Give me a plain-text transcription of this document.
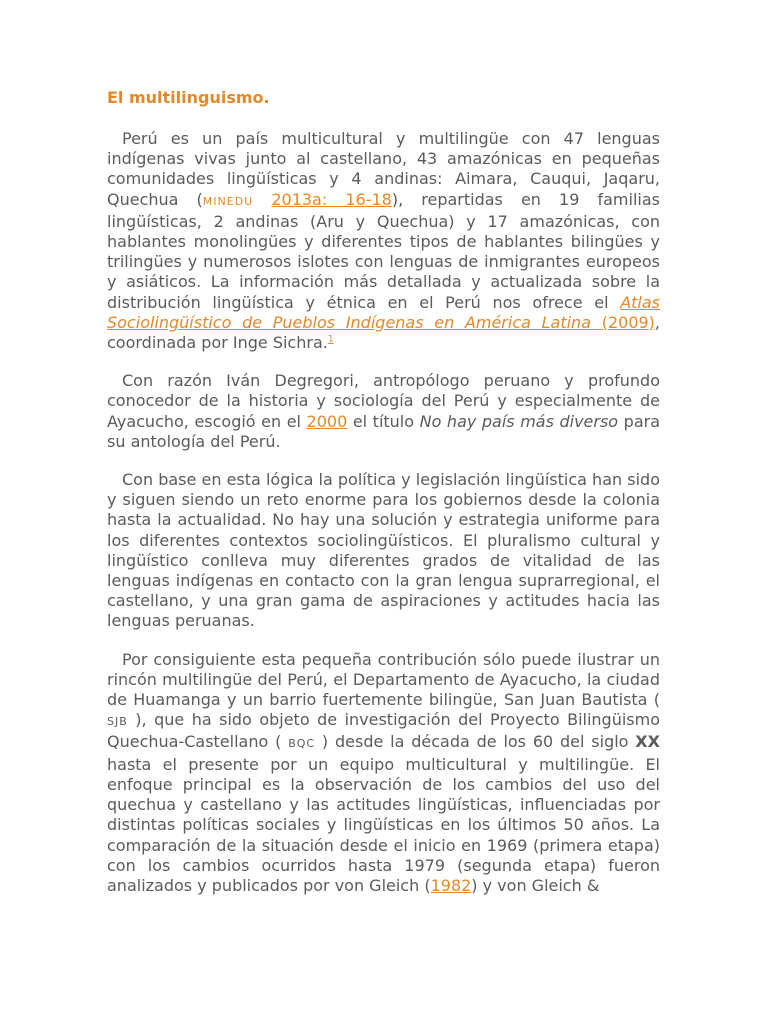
El multilinguismo.

Perú es un país multicultural y multilingüe con 47 lenguas indígenas vivas junto al castellano, 43 amazónicas en pequeñas comunidades lingüísticas y 4 andinas: Aimara, Cauqui, Jaqaru, Quechua (MINEDU 2013a: 16-18), repartidas en 19 familias lingüísticas, 2 andinas (Aru y Quechua) y 17 amazónicas, con hablantes monolingües y diferentes tipos de hablantes bilingües y trilingües y numerosos islotes con lenguas de inmigrantes europeos y asiáticos. La información más detallada y actualizada sobre la distribución lingüística y étnica en el Perú nos ofrece el Atlas Sociolingüístico de Pueblos Indígenas en América Latina (2009), coordinada por Inge Sichra.$^1$

Con razón Iván Degregori, antropólogo peruano y profundo conocedor de la historia y sociología del Perú y especialmente de Ayacucho, escogió en el 2000 el título No hay país más diverso para su antología del Perú.

Con base en esta lógica la política y legislación lingüística han sido y siguen siendo un reto enorme para los gobiernos desde la colonia hasta la actualidad. No hay una solución y estrategia uniforme para los diferentes contextos sociolingüísticos. El pluralismo cultural y lingüístico conlleva muy diferentes grados de vitalidad de las lenguas indígenas en contacto con la gran lengua suprarregional, el castellano, y una gran gama de aspiraciones y actitudes hacia las lenguas peruanas.

Por consiguiente esta pequeña contribución sólo puede ilustrar un rincón multilingüe del Perú, el Departamento de Ayacucho, la ciudad de Huamanga y un barrio fuertemente bilingüe, San Juan Bautista ( SJB ), que ha sido objeto de investigación del Proyecto Bilingüismo Quechua-Castellano ( BQC ) desde la década de los 60 del siglo XX hasta el presente por un equipo multicultural y multilingüe. El enfoque principal es la observación de los cambios del uso del quechua y castellano y las actitudes lingüísticas, influenciadas por distintas políticas sociales y lingüísticas en los últimos 50 años. La comparación de la situación desde el inicio en 1969 (primera etapa) con los cambios ocurridos hasta 1979 (segunda etapa) fueron analizados y publicados por von Gleich (1982) y von Gleich &
